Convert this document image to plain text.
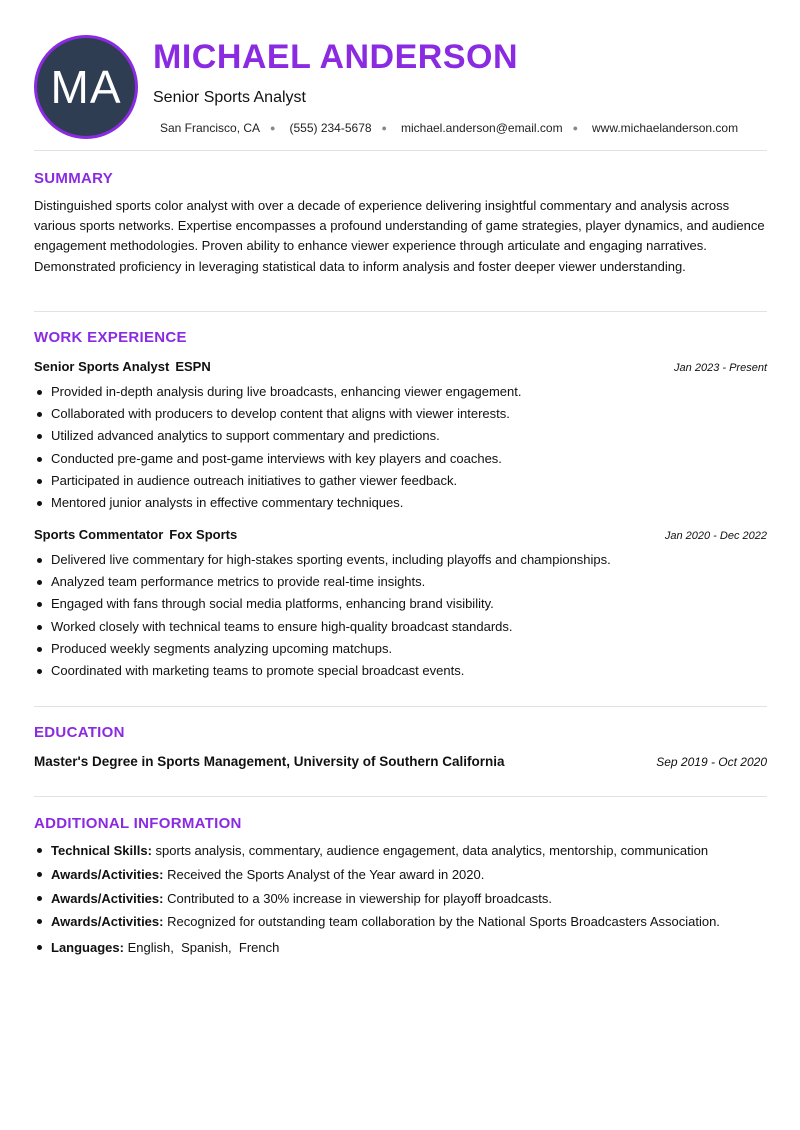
MA
MICHAEL ANDERSON
Senior Sports Analyst
San Francisco, CA ● (555) 234-5678 ● michael.anderson@email.com ● www.michaelanderson.com
SUMMARY
Distinguished sports color analyst with over a decade of experience delivering insightful commentary and analysis across various sports networks. Expertise encompasses a profound understanding of game strategies, player dynamics, and audience engagement methodologies. Proven ability to enhance viewer experience through articulate and engaging narratives. Demonstrated proficiency in leveraging statistical data to inform analysis and foster deeper viewer understanding.
WORK EXPERIENCE
Senior Sports Analyst ESPN	Jan 2023 - Present
Provided in-depth analysis during live broadcasts, enhancing viewer engagement.
Collaborated with producers to develop content that aligns with viewer interests.
Utilized advanced analytics to support commentary and predictions.
Conducted pre-game and post-game interviews with key players and coaches.
Participated in audience outreach initiatives to gather viewer feedback.
Mentored junior analysts in effective commentary techniques.
Sports Commentator Fox Sports	Jan 2020 - Dec 2022
Delivered live commentary for high-stakes sporting events, including playoffs and championships.
Analyzed team performance metrics to provide real-time insights.
Engaged with fans through social media platforms, enhancing brand visibility.
Worked closely with technical teams to ensure high-quality broadcast standards.
Produced weekly segments analyzing upcoming matchups.
Coordinated with marketing teams to promote special broadcast events.
EDUCATION
Master's Degree in Sports Management, University of Southern California	Sep 2019 - Oct 2020
ADDITIONAL INFORMATION
Technical Skills: sports analysis, commentary, audience engagement, data analytics, mentorship, communication
Awards/Activities: Received the Sports Analyst of the Year award in 2020.
Awards/Activities: Contributed to a 30% increase in viewership for playoff broadcasts.
Awards/Activities: Recognized for outstanding team collaboration by the National Sports Broadcasters Association.
Languages: English,  Spanish,  French
